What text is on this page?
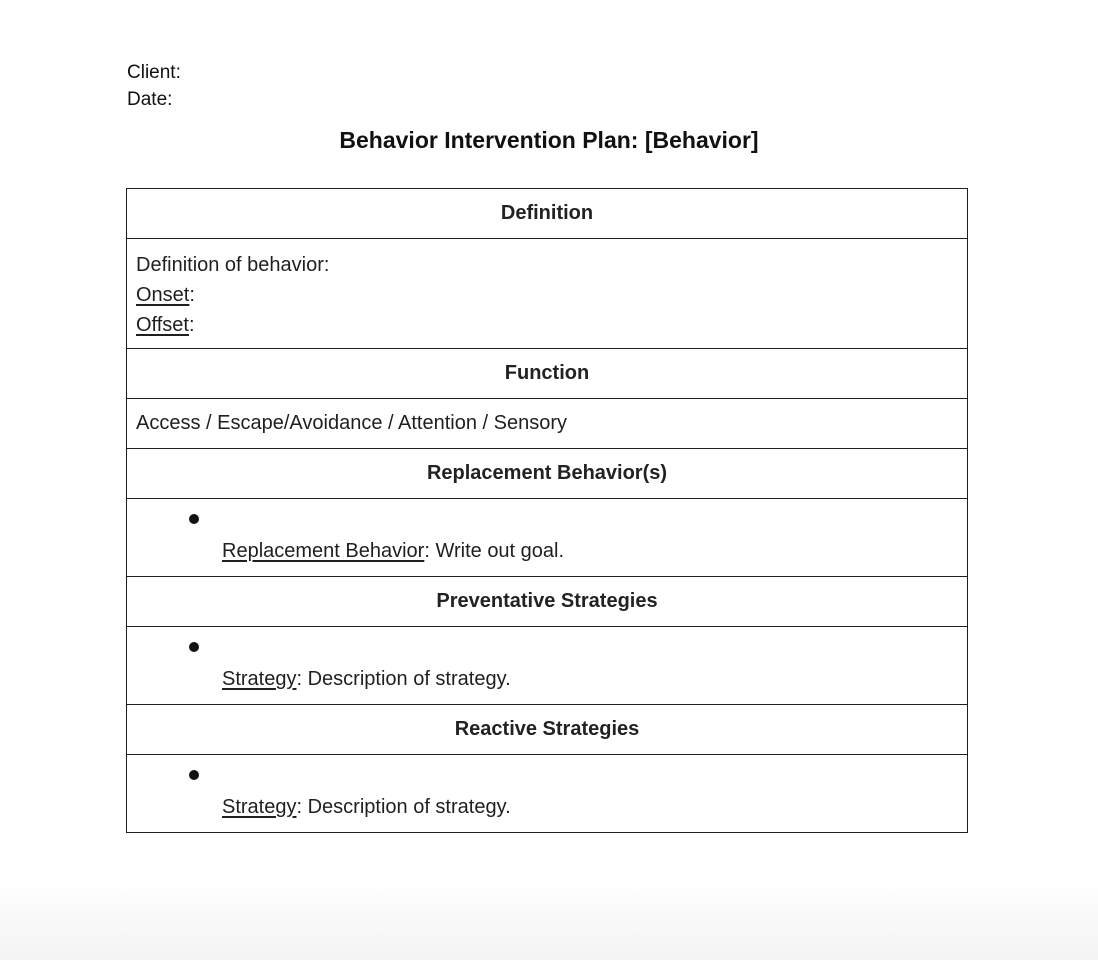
Client:
Date:
Behavior Intervention Plan: [Behavior]
Definition

Definition of behavior:
Onset:
Offset:

Function
Access / Escape/Avoidance / Attention / Sensory
Replacement Behavior(s)

Replacement Behavior: Write out goal.

Preventative Strategies

Strategy: Description of strategy.

Reactive Strategies

Strategy: Description of strategy.
